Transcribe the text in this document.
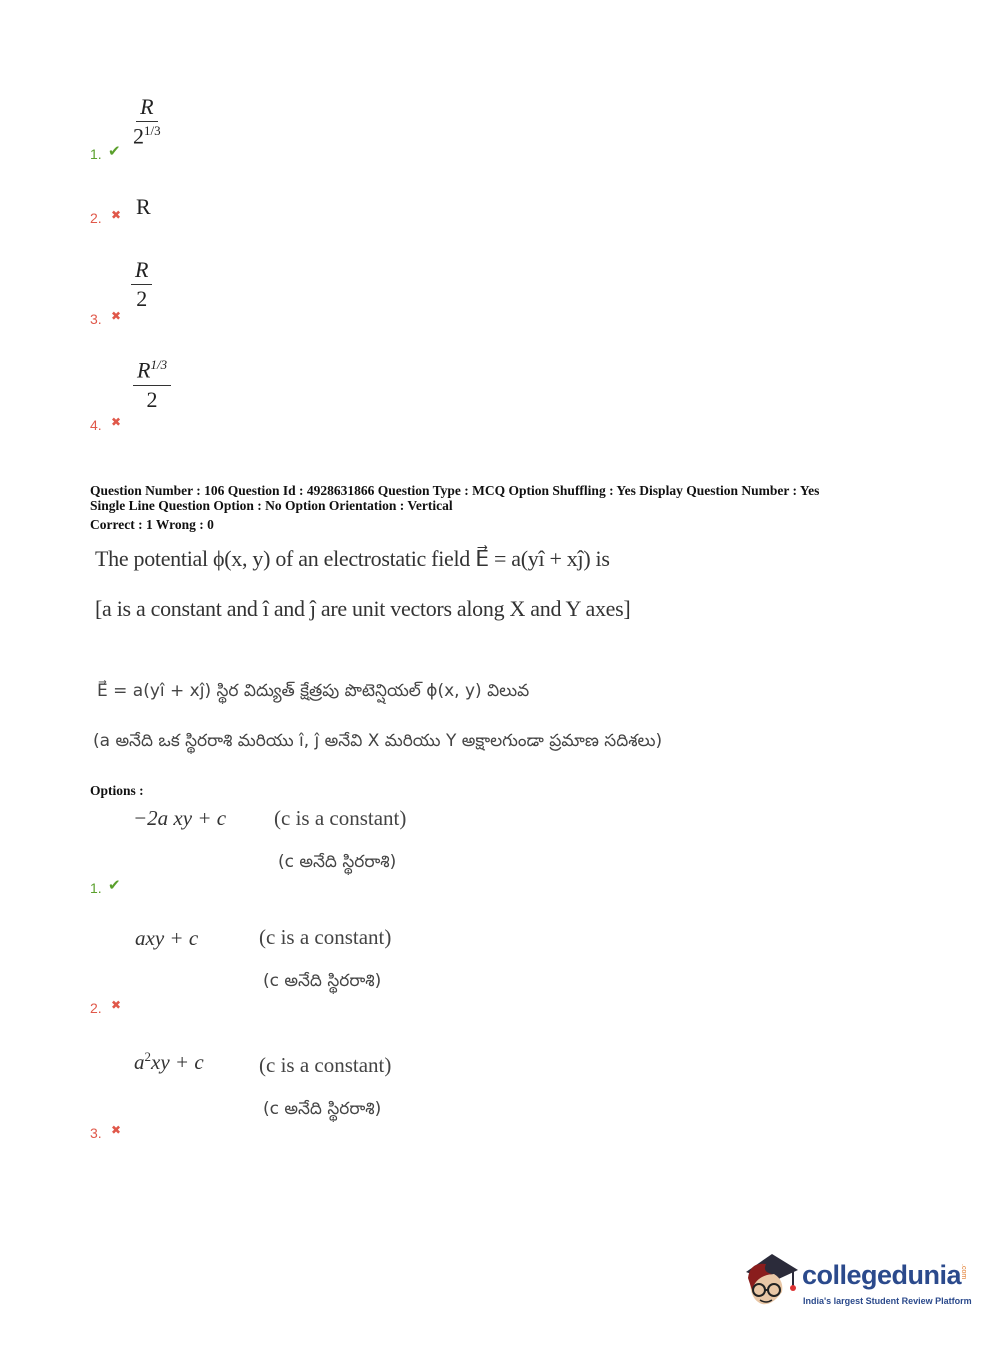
$\frac{R}{2^{1/3}}$
1. ✔
R
2. ✖
$\frac{R}{2}$
3. ✖
$\frac{R^{1/3}}{2}$
4. ✖
Question Number : 106 Question Id : 4928631866 Question Type : MCQ Option Shuffling : Yes Display Question Number : Yes
Single Line Question Option : No Option Orientation : Vertical
Correct : 1 Wrong : 0
The potential ϕ(x, y) of an electrostatic field E⃗ = a(yî + xĵ) is
[a is a constant and î and ĵ are unit vectors along X and Y axes]
E⃗ = a(yî + xĵ) స్థిర విద్యుత్ క్షేత్రపు పొటెన్షియల్ ϕ(x, y) విలువ
(a అనేది ఒక స్థిరరాశి మరియు î, ĵ అనేవి X మరియు Y అక్షాలగుండా ప్రమాణ సదిశలు)
Options :
−2a xy + c (c is a constant)
(c అనేది స్థిరరాశి)
1. ✔
axy + c	(c is a constant)
(c అనేది స్థిరరాశి)
2. ✖
$a^2xy + c$	(c is a constant)
(c అనేది స్థిరరాశి)
3. ✖
collegedunia
.com
India's largest Student Review Platform
